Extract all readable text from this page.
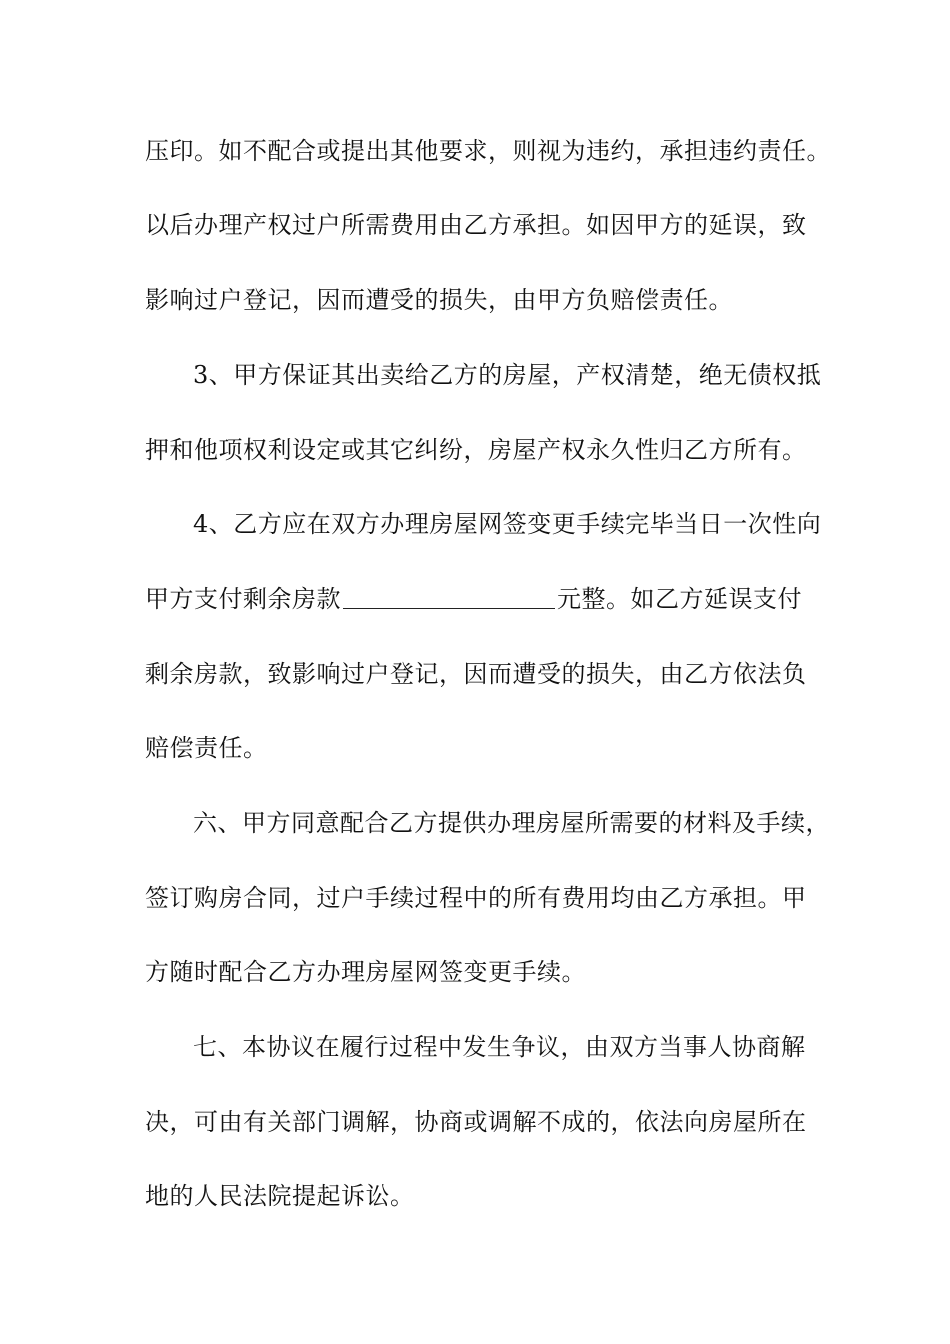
压印。如不配合或提出其他要求，则视为违约，承担违约责任。
以后办理产权过户所需费用由乙方承担。如因甲方的延误，致
影响过户登记，因而遭受的损失，由甲方负赔偿责任。
3、甲方保证其出卖给乙方的房屋，产权清楚，绝无债权抵
押和他项权利设定或其它纠纷，房屋产权永久性归乙方所有。
4、乙方应在双方办理房屋网签变更手续完毕当日一次性向
甲方支付剩余房款	元整。如乙方延误支付
剩余房款，致影响过户登记，因而遭受的损失，由乙方依法负
赔偿责任。
六、甲方同意配合乙方提供办理房屋所需要的材料及手续，
签订购房合同，过户手续过程中的所有费用均由乙方承担。甲
方随时配合乙方办理房屋网签变更手续。
七、本协议在履行过程中发生争议，由双方当事人协商解
决，可由有关部门调解，协商或调解不成的，依法向房屋所在
地的人民法院提起诉讼。
